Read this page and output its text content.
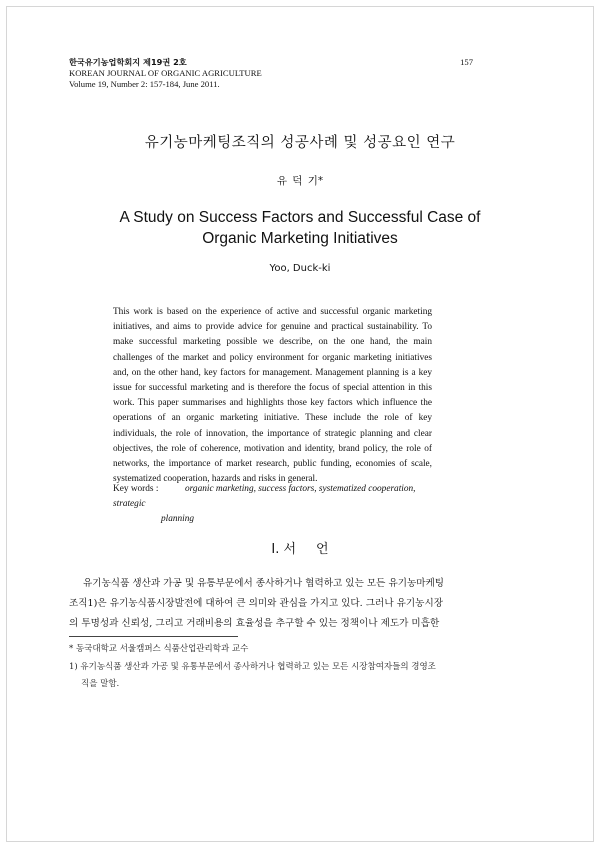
한국유기농업학회지 제19권 2호
KOREAN JOURNAL OF ORGANIC AGRICULTURE
Volume 19, Number 2: 157-184, June 2011.
157
유기농마케팅조직의 성공사례 및 성공요인 연구
유 덕 기*
A Study on Success Factors and Successful Case of
Organic Marketing Initiatives
Yoo, Duck-ki
This work is based on the experience of active and successful organic marketing initiatives, and aims to provide advice for genuine and practical sustainability. To make successful marketing possible we describe, on the one hand, the main challenges of the market and policy environment for organic marketing initiatives and, on the other hand, key factors for management. Management planning is a key issue for successful marketing and is therefore the focus of special attention in this work. This paper summarises and highlights those key factors which influence the operations of an organic marketing initiative. These include the role of key individuals, the role of innovation, the importance of strategic planning and clear objectives, the role of coherence, motivation and identity, brand policy, the role of networks, the importance of market research, public funding, economies of scale, systematized cooperation, hazards and risks in general.
Key words :	organic marketing, success factors, systematized cooperation, strategic
planning
Ⅰ. 서 언
유기농식품 생산과 가공 및 유통부문에서 종사하거나 협력하고 있는 모든 유기농마케팅
조직1)은 유기농식품시장발전에 대하여 큰 의미와 관심을 가지고 있다. 그러나 유기농시장
의 투명성과 신뢰성, 그리고 거래비용의 효율성을 추구할 수 있는 정책이나 제도가 미흡한
* 동국대학교 서울캠퍼스 식품산업관리학과 교수
1) 유기농식품 생산과 가공 및 유통부문에서 종사하거나 협력하고 있는 모든 시장참여자들의 경영조
직을 말함.
